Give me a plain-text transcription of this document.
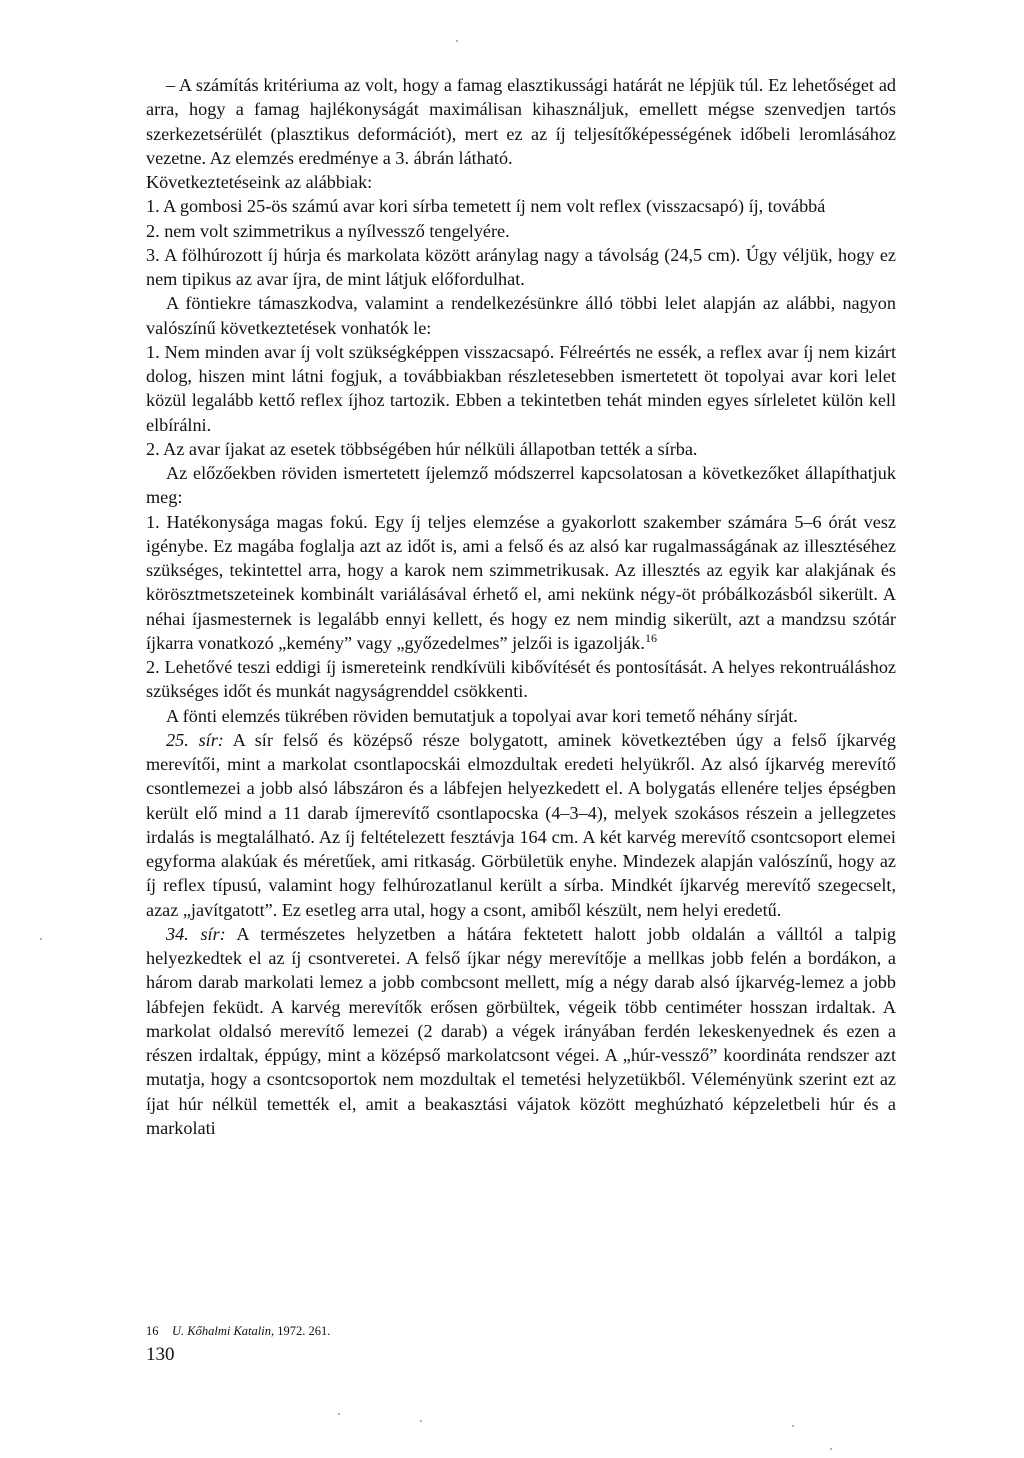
– A számítás kritériuma az volt, hogy a famag elasztikussági határát ne lépjük túl. Ez lehetőséget ad arra, hogy a famag hajlékonyságát maximálisan kihasználjuk, emellett mégse szenvedjen tartós szerkezetsérülét (plasztikus deformációt), mert ez az íj teljesítőképességének időbeli leromlásához vezetne. Az elemzés eredménye a 3. ábrán látható.

Következtetéseink az alábbiak:

1. A gombosi 25-ös számú avar kori sírba temetett íj nem volt reflex (visszacsapó) íj, továbbá

2. nem volt szimmetrikus a nyílvessző tengelyére.

3. A fölhúrozott íj húrja és markolata között aránylag nagy a távolság (24,5 cm). Úgy véljük, hogy ez nem tipikus az avar íjra, de mint látjuk előfordulhat.

A föntiekre támaszkodva, valamint a rendelkezésünkre álló többi lelet alapján az alábbi, nagyon valószínű következtetések vonhatók le:

1. Nem minden avar íj volt szükségképpen visszacsapó. Félreértés ne essék, a reflex avar íj nem kizárt dolog, hiszen mint látni fogjuk, a továbbiakban részletesebben ismertetett öt topolyai avar kori lelet közül legalább kettő reflex íjhoz tartozik. Ebben a tekintetben tehát minden egyes sírleletet külön kell elbírálni.

2. Az avar íjakat az esetek többségében húr nélküli állapotban tették a sírba.

Az előzőekben röviden ismertetett íjelemző módszerrel kapcsolatosan a következőket állapíthatjuk meg:

1. Hatékonysága magas fokú. Egy íj teljes elemzése a gyakorlott szakember számára 5–6 órát vesz igénybe. Ez magába foglalja azt az időt is, ami a felső és az alsó kar rugalmasságának az illesztéséhez szükséges, tekintettel arra, hogy a karok nem szimmetrikusak. Az illesztés az egyik kar alakjának és körösztmetszeteinek kombinált variálásával érhető el, ami nekünk négy-öt próbálkozásból sikerült. A néhai íjasmesternek is legalább ennyi kellett, és hogy ez nem mindig sikerült, azt a mandzsu szótár íjkarra vonatkozó „kemény” vagy „győzedelmes” jelzői is igazolják.$^{16}$

2. Lehetővé teszi eddigi íj ismereteink rendkívüli kibővítését és pontosítását. A helyes rekontruáláshoz szükséges időt és munkát nagyságrenddel csökkenti.

A fönti elemzés tükrében röviden bemutatjuk a topolyai avar kori temető néhány sírját.

25. sír: A sír felső és középső része bolygatott, aminek következtében úgy a felső íjkarvég merevítői, mint a markolat csontlapocskái elmozdultak eredeti helyükről. Az alsó íjkarvég merevítő csontlemezei a jobb alsó lábszáron és a lábfejen helyezkedett el. A bolygatás ellenére teljes épségben került elő mind a 11 darab íjmerevítő csontlapocska (4–3–4), melyek szokásos részein a jellegzetes irdalás is megtalálható. Az íj feltételezett fesztávja 164 cm. A két karvég merevítő csontcsoport elemei egyforma alakúak és méretűek, ami ritkaság. Görbületük enyhe. Mindezek alapján valószínű, hogy az íj reflex típusú, valamint hogy felhúrozatlanul került a sírba. Mindkét íjkarvég merevítő szegecselt, azaz „javítgatott”. Ez esetleg arra utal, hogy a csont, amiből készült, nem helyi eredetű.

34. sír: A természetes helyzetben a hátára fektetett halott jobb oldalán a válltól a talpig helyezkedtek el az íj csontveretei. A felső íjkar négy merevítője a mellkas jobb felén a bordákon, a három darab markolati lemez a jobb combcsont mellett, míg a négy darab alsó íjkarvég-lemez a jobb lábfejen feküdt. A karvég merevítők erősen görbültek, végeik több centiméter hosszan irdaltak. A markolat oldalsó merevítő lemezei (2 darab) a végek irányában ferdén lekeskenyednek és ezen a részen irdaltak, éppúgy, mint a középső markolatcsont végei. A „húr-vessző” koordináta rendszer azt mutatja, hogy a csontcsoportok nem mozdultak el temetési helyzetükből. Véleményünk szerint ezt az íjat húr nélkül temették el, amit a beakasztási vájatok között meghúzható képzeletbeli húr és a markolati

16 U. Kőhalmi Katalin, 1972. 261.
130
